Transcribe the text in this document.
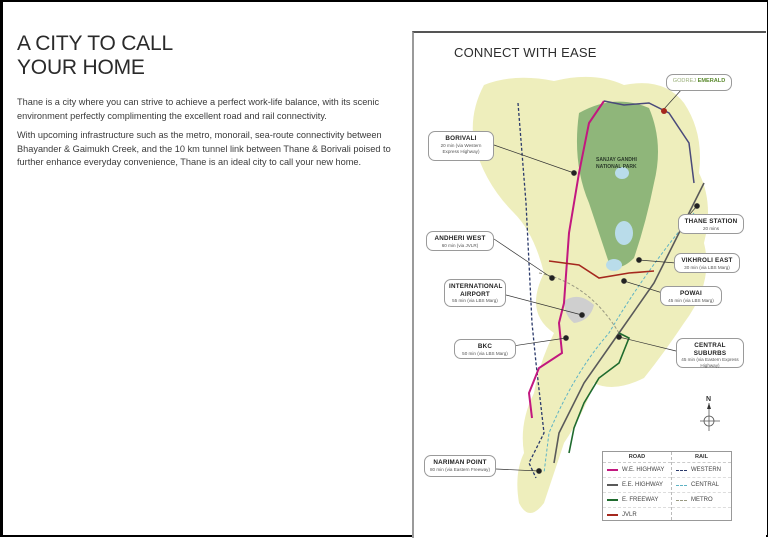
A CITY TO CALL
YOUR HOME

Thane is a city where you can strive to achieve a perfect work-life balance, with its scenic environment perfectly complimenting the excellent road and rail connectivity.

With upcoming infrastructure such as the metro, monorail, sea-route connectivity between Bhayander & Gaimukh Creek, and the 10 km tunnel link between Thane & Borivali poised to further enhance everyday convenience, Thane is an ideal city to call your new home.

CONNECT WITH EASE
SANJAY GANDHI
NATIONAL PARK
GODREJ EMERALD
BORIVALI
20 min (via Western Express Highway)
ANDHERI WEST
60 min (via JVLR)
INTERNATIONAL AIRPORT
55 min (via LBS Marg)
BKC
50 min (via LBS Marg)
NARIMAN POINT
80 min (via Eastern Freeway)
THANE STATION
20 mins
VIKHROLI EAST
30 min (via LBS Marg)
POWAI
45 min (via LBS Marg)
CENTRAL SUBURBS
45 min (via Eastern Express Highway)
N
ROAD
W.E. HIGHWAY
E.E. HIGHWAY
E. FREEWAY
JVLR
RAIL
WESTERN
CENTRAL
METRO
